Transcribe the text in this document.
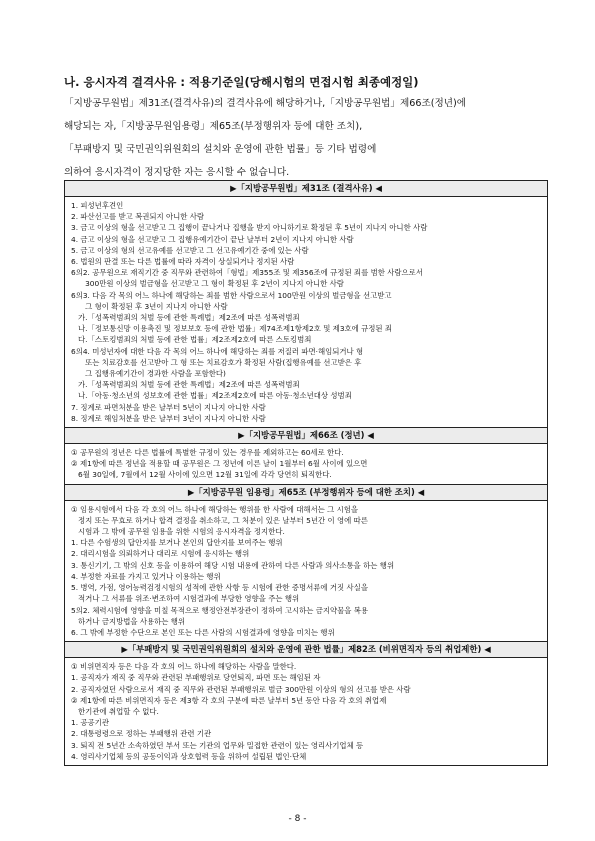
나. 응시자격 결격사유 : 적용기준일(당해시험의 면접시험 최종예정일)
「지방공무원법」제31조(결격사유)의 결격사유에 해당하거나,「지방공무원법」제66조(정년)에
해당되는 자,「지방공무원임용령」제65조(부정행위자 등에 대한 조치),
「부패방지 및 국민권익위원회의 설치와 운영에 관한 법률」등 기타 법령에
의하여 응시자격이 정지당한 자는 응시할 수 없습니다.
▶「지방공무원법」제31조 (결격사유) ◀
1. 피성년후견인
2. 파산선고를 받고 복권되지 아니한 사람
3. 금고 이상의 형을 선고받고 그 집행이 끝나거나 집행을 받지 아니하기로 확정된 후 5년이 지나지 아니한 사람
4. 금고 이상의 형을 선고받고 그 집행유예기간이 끝난 날부터 2년이 지나지 아니한 사람
5. 금고 이상의 형의 선고유예를 선고받고 그 선고유예기간 중에 있는 사람
6. 법원의 판결 또는 다른 법률에 따라 자격이 상실되거나 정지된 사람
6의2. 공무원으로 재직기간 중 직무와 관련하여「형법」제355조 및 제356조에 규정된 죄를 범한 사람으로서
300만원 이상의 벌금형을 선고받고 그 형이 확정된 후 2년이 지나지 아니한 사람
6의3. 다음 각 목의 어느 하나에 해당하는 죄를 범한 사람으로서 100만원 이상의 벌금형을 선고받고
그 형이 확정된 후 3년이 지나지 아니한 사람
가.「성폭력범죄의 처벌 등에 관한 특례법」제2조에 따른 성폭력범죄
나.「정보통신망 이용촉진 및 정보보호 등에 관한 법률」제74조제1항제2호 및 제3호에 규정된 죄
다.「스토킹범죄의 처벌 등에 관한 법률」제2조제2호에 따른 스토킹범죄
6의4. 미성년자에 대한 다음 각 목의 어느 하나에 해당하는 죄를 저질러 파면·해임되거나 형
또는 치료감호를 선고받아 그 형 또는 치료감호가 확정된 사람(집행유예를 선고받은 후
그 집행유예기간이 경과한 사람을 포함한다)
가.「성폭력범죄의 처벌 등에 관한 특례법」제2조에 따른 성폭력범죄
나.「아동·청소년의 성보호에 관한 법률」제2조제2호에 따른 아동·청소년대상 성범죄
7. 징계로 파면처분을 받은 날부터 5년이 지나지 아니한 사람
8. 징계로 해임처분을 받은 날부터 3년이 지나지 아니한 사람
▶「지방공무원법」제66조 (정년) ◀
① 공무원의 정년은 다른 법률에 특별한 규정이 있는 경우를 제외하고는 60세로 한다.
② 제1항에 따른 정년을 적용할 때 공무원은 그 정년에 이른 날이 1월부터 6월 사이에 있으면
6월 30일에, 7월에서 12월 사이에 있으면 12월 31일에 각각 당연히 퇴직한다.
▶「지방공무원 임용령」제65조 (부정행위자 등에 대한 조치) ◀
① 임용시험에서 다음 각 호의 어느 하나에 해당하는 행위를 한 사람에 대해서는 그 시험을
정지 또는 무효로 하거나 합격 결정을 취소하고, 그 처분이 있은 날부터 5년간 이 영에 따른
시험과 그 밖에 공무원 임용을 위한 시험의 응시자격을 정지한다.
1. 다른 수험생의 답안지를 보거나 본인의 답안지를 보여주는 행위
2. 대리시험을 의뢰하거나 대리로 시험에 응시하는 행위
3. 통신기기, 그 밖의 신호 등을 이용하여 해당 시험 내용에 관하여 다른 사람과 의사소통을 하는 행위
4. 부정한 자료를 가지고 있거나 이용하는 행위
5. 병역, 가점, 영어능력검정시험의 성적에 관한 사항 등 시험에 관한 증명서류에 거짓 사실을
적거나 그 서류를 위조·변조하여 시험결과에 부당한 영향을 주는 행위
5의2. 체력시험에 영향을 미칠 목적으로 행정안전부장관이 정하여 고시하는 금지약물을 복용
하거나 금지방법을 사용하는 행위
6. 그 밖에 부정한 수단으로 본인 또는 다른 사람의 시험결과에 영향을 미치는 행위
▶「부패방지 및 국민권익위원회의 설치와 운영에 관한 법률」제82조 (비위면직자 등의 취업제한) ◀
① 비위면직자 등은 다음 각 호의 어느 하나에 해당하는 사람을 말한다.
1. 공직자가 재직 중 직무와 관련된 부패행위로 당연퇴직, 파면 또는 해임된 자
2. 공직자였던 사람으로서 재직 중 직무와 관련된 부패행위로 벌금 300만원 이상의 형의 선고를 받은 사람
② 제1항에 따른 비위면직자 등은 제3항 각 호의 구분에 따른 날부터 5년 동안 다음 각 호의 취업제
한기관에 취업할 수 없다.
1. 공공기관
2. 대통령령으로 정하는 부패행위 관련 기관
3. 퇴직 전 5년간 소속하였던 부서 또는 기관의 업무와 밀접한 관련이 있는 영리사기업체 등
4. 영리사기업체 등의 공동이익과 상호협력 등을 위하여 설립된 법인·단체
- 8 -
